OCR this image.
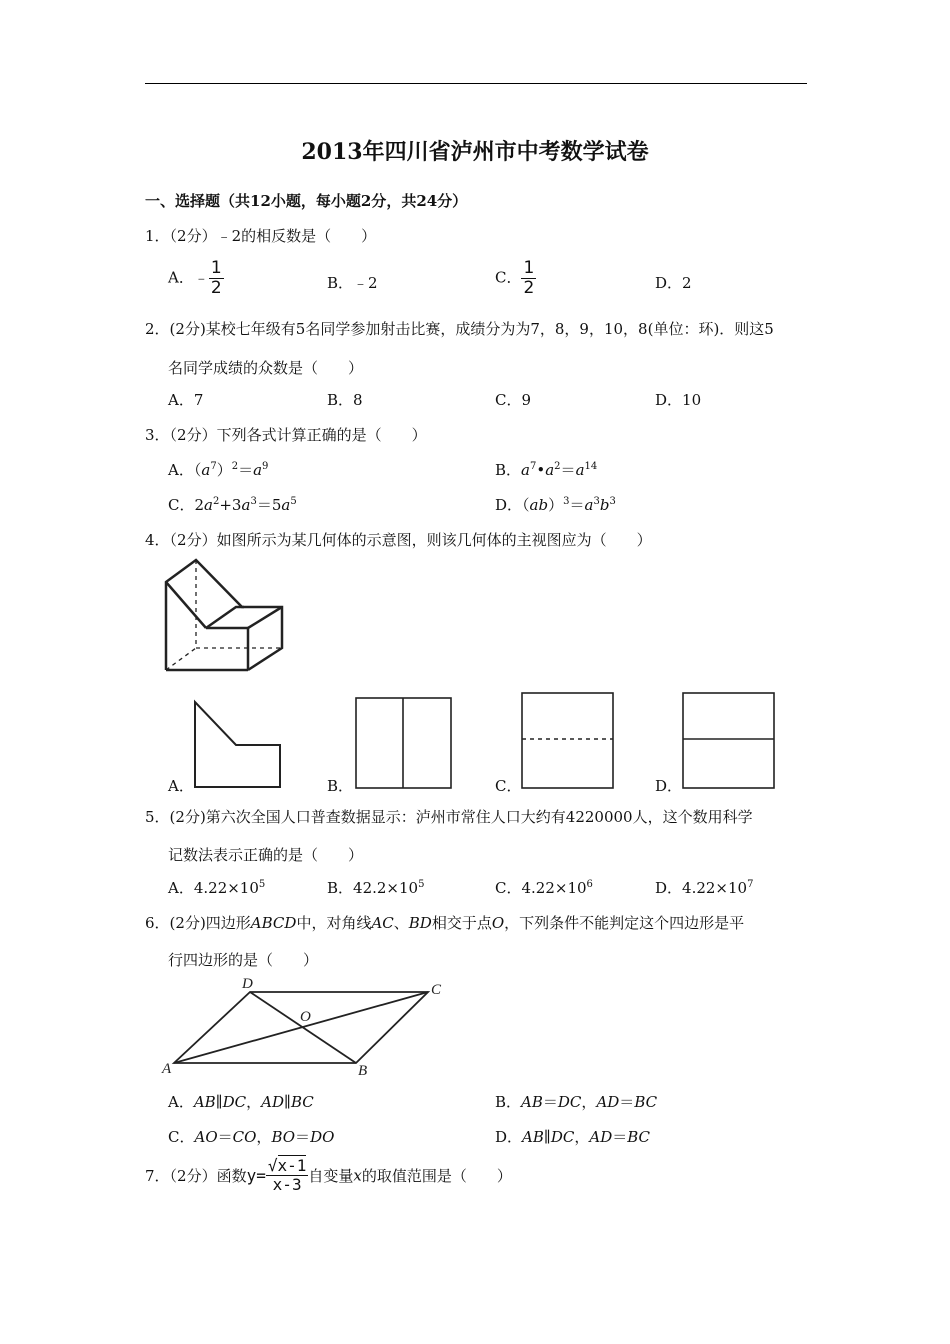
2013年四川省泸州市中考数学试卷
一、选择题（共12小题，每小题2分，共24分）
1．（2分）﹣2的相反数是（　　）
A．﹣ $\frac{1}{2}$	B．﹣2	C． $\frac{1}{2}$	D．2
2．(2分)某校七年级有5名同学参加射击比赛，成绩分为为7，8，9，10，8(单位：环)．则这5
名同学成绩的众数是（　　）
A．7	B．8	C．9	D．10
3．（2分）下列各式计算正确的是（　　）
A．$(a^7)^2=a^9$	B．$a^7•a^2=a^{14}$
C．$2a^2+3a^3=5a^5$	D．$(ab)^3=a^3b^3$
4．（2分）如图所示为某几何体的示意图，则该几何体的主视图应为（　　）
A．	B．	C．	D．
5．(2分)第六次全国人口普查数据显示：泸州市常住人口大约有4220000人，这个数用科学
记数法表示正确的是（　　）
A．$4.22\times 10^5$	B．$42.2\times 10^5$	C．$4.22\times 10^6$	D．$4.22\times 10^7$
6．(2分)四边形ABCD中，对角线AC、BD相交于点O，下列条件不能判定这个四边形是平
行四边形的是（　　）
A	B
C
D
O
A．AB∥DC，AD∥BC	B．AB＝DC，AD＝BC
C．AO＝CO，BO＝DO	D．AB∥DC，AD＝BC
7．（2分）函数$y= \frac{√x-1}{x-3}$ 自变量x的取值范围是（　　）
